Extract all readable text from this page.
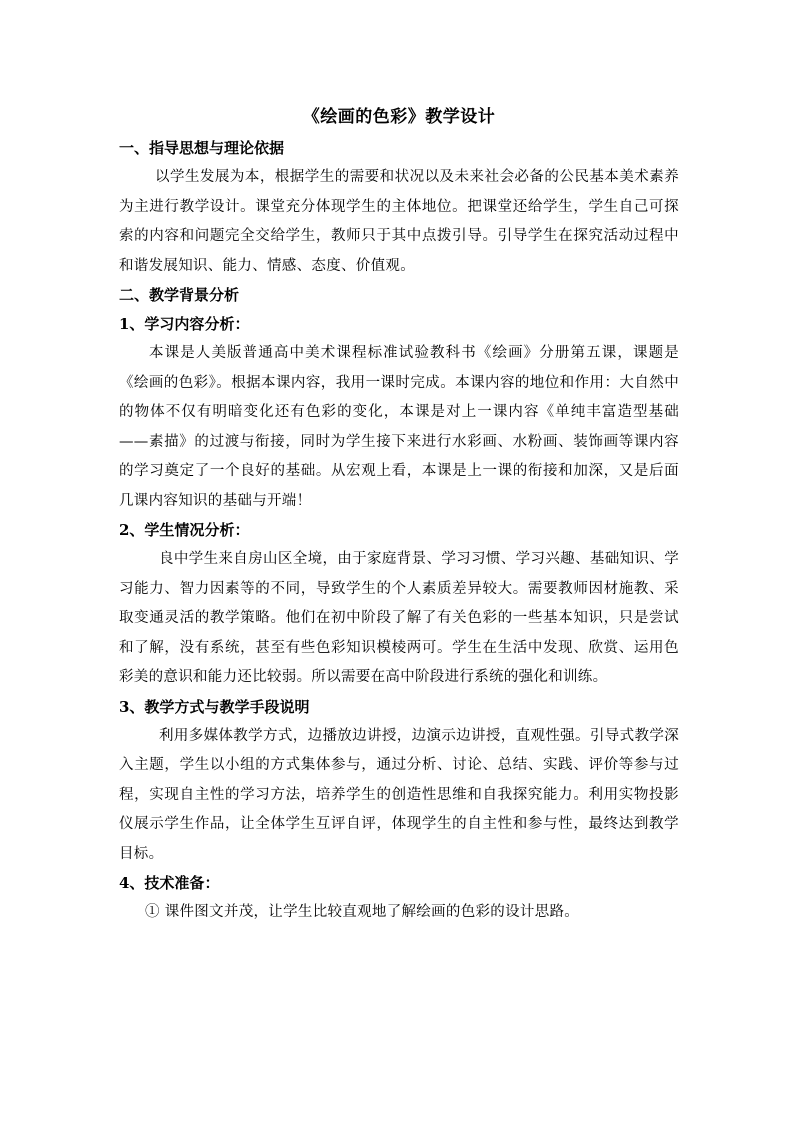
《绘画的色彩》教学设计

一、指导思想与理论依据

以学生发展为本，根据学生的需要和状况以及未来社会必备的公民基本美术素养为主进行教学设计。课堂充分体现学生的主体地位。把课堂还给学生，学生自己可探索的内容和问题完全交给学生，教师只于其中点拨引导。引导学生在探究活动过程中和谐发展知识、能力、情感、态度、价值观。

二、教学背景分析

1、学习内容分析：

本课是人美版普通高中美术课程标准试验教科书《绘画》分册第五课，课题是《绘画的色彩》。根据本课内容，我用一课时完成。本课内容的地位和作用：大自然中的物体不仅有明暗变化还有色彩的变化，本课是对上一课内容《单纯丰富造型基础——素描》的过渡与衔接，同时为学生接下来进行水彩画、水粉画、装饰画等课内容的学习奠定了一个良好的基础。从宏观上看，本课是上一课的衔接和加深，又是后面几课内容知识的基础与开端！

2、学生情况分析：

良中学生来自房山区全境，由于家庭背景、学习习惯、学习兴趣、基础知识、学习能力、智力因素等的不同，导致学生的个人素质差异较大。需要教师因材施教、采取变通灵活的教学策略。他们在初中阶段了解了有关色彩的一些基本知识，只是尝试和了解，没有系统，甚至有些色彩知识模棱两可。学生在生活中发现、欣赏、运用色彩美的意识和能力还比较弱。所以需要在高中阶段进行系统的强化和训练。

3、教学方式与教学手段说明

利用多媒体教学方式，边播放边讲授，边演示边讲授，直观性强。引导式教学深入主题，学生以小组的方式集体参与，通过分析、讨论、总结、实践、评价等参与过程，实现自主性的学习方法，培养学生的创造性思维和自我探究能力。利用实物投影仪展示学生作品，让全体学生互评自评，体现学生的自主性和参与性，最终达到教学目标。

4、技术准备：

① 课件图文并茂，让学生比较直观地了解绘画的色彩的设计思路。
